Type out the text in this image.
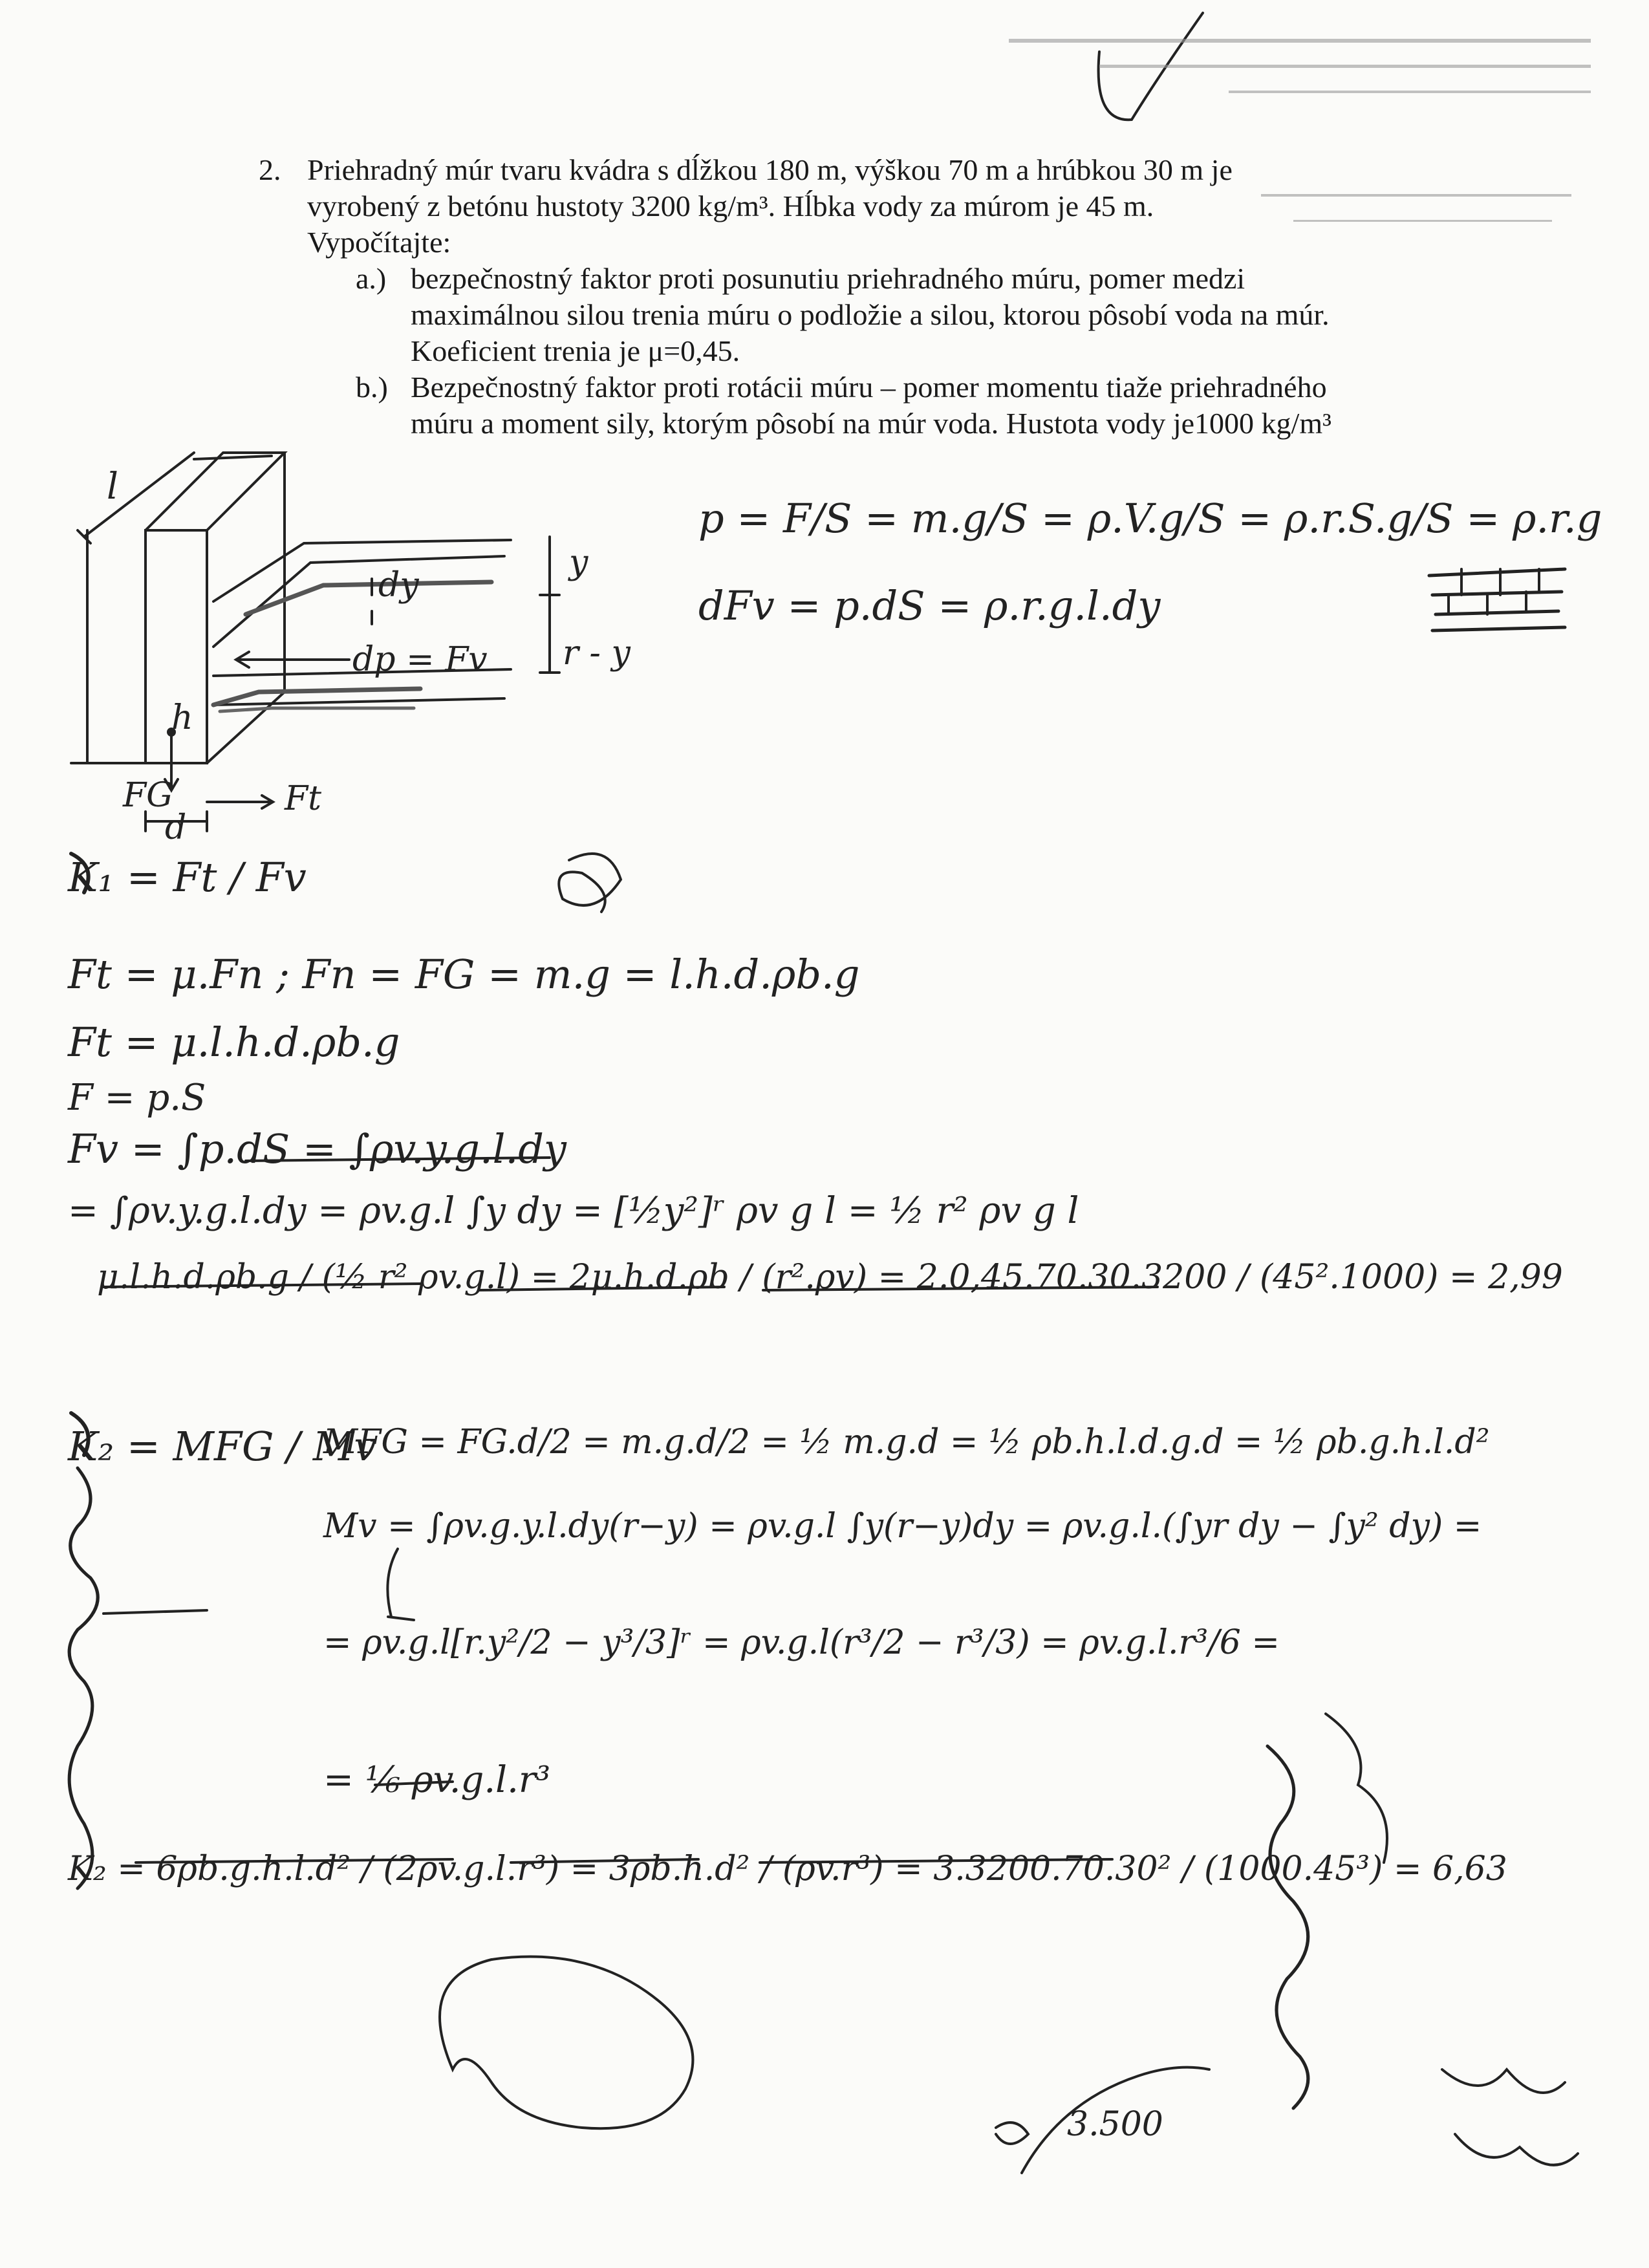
2. Priehradný múr tvaru kvádra s dĺžkou 180 m, výškou 70 m a hrúbkou 30 m je
vyrobený z betónu hustoty 3200 kg/m³. Hĺbka vody za múrom je 45 m.
Vypočítajte:
a.) bezpečnostný faktor proti posunutiu priehradného múru, pomer medzi
maximálnou silou trenia múru o podložie a silou, ktorou pôsobí voda na múr.
Koeficient trenia je μ=0,45.
b.) Bezpečnostný faktor proti rotácii múru – pomer momentu tiaže priehradného
múru a moment sily, ktorým pôsobí na múr voda. Hustota vody je1000 kg/m³
l
y
r - y
dy
dp = Fv
FG	Ft
d
h
p = F/S = m.g/S = ρ.V.g/S = ρ.r.S.g/S = ρ.r.g
dFv = p.dS = ρ.r.g.l.dy
K₁ = Ft / Fv
Ft = μ.Fn ; Fn = FG = m.g = l.h.d.ρb.g
Ft = μ.l.h.d.ρb.g
F = p.S
Fv = ∫p.dS = ∫ρv.y.g.l.dy
= ∫ρv.y.g.l.dy = ρv.g.l ∫y dy = [½y²]ʳ ρv g l = ½ r² ρv g l
μ.l.h.d.ρb.g / (½ r² ρv.g.l) = 2μ.h.d.ρb / (r².ρv) = 2.0,45.70.30.3200 / (45².1000) = 2,99
K₂ = MFG / Mv
MFG = FG.d/2 = m.g.d/2 = ½ m.g.d = ½ ρb.h.l.d.g.d = ½ ρb.g.h.l.d²
Mv = ∫ρv.g.y.l.dy(r−y) = ρv.g.l ∫y(r−y)dy = ρv.g.l.(∫yr dy − ∫y² dy) =
= ρv.g.l[r.y²/2 − y³/3]ʳ = ρv.g.l(r³/2 − r³/3) = ρv.g.l.r³/6 =
= ⅙ ρv.g.l.r³
K₂ = 6ρb.g.h.l.d² / (2ρv.g.l.r³) = 3ρb.h.d² / (ρv.r³) = 3.3200.70.30² / (1000.45³) = 6,63
3.500
